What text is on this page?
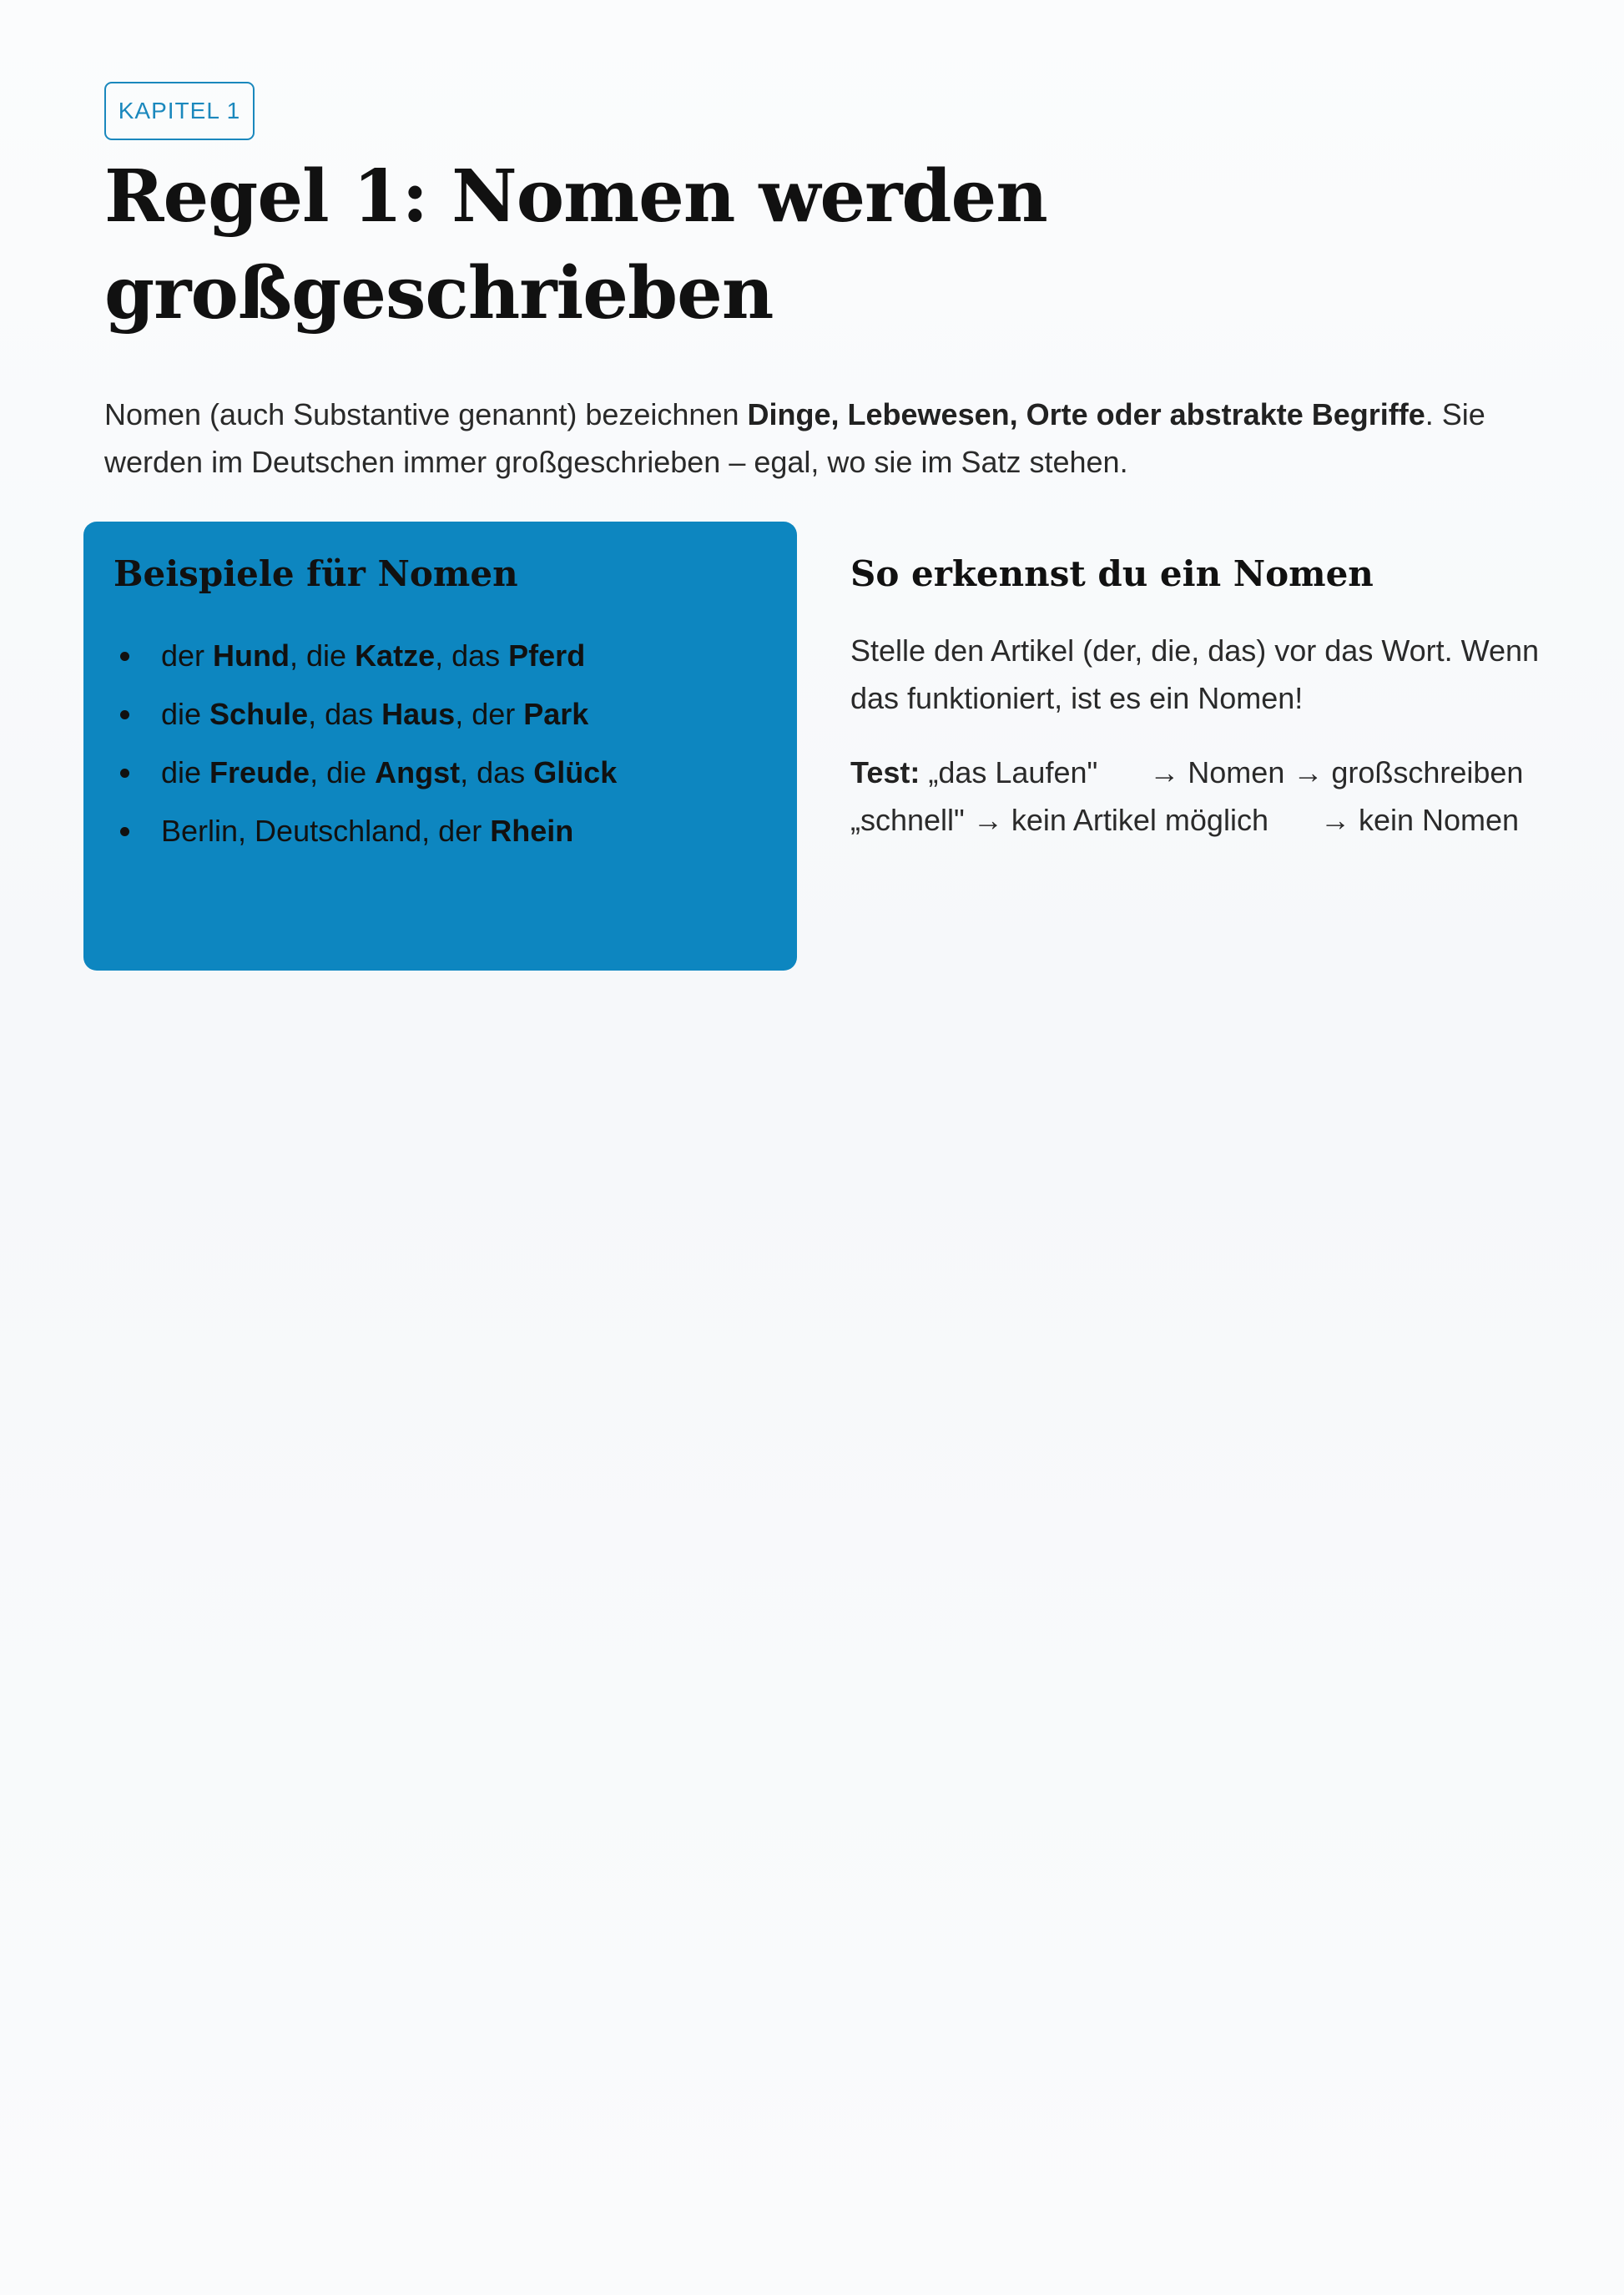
KAPITEL 1
Regel 1: Nomen werden
großgeschrieben

Nomen (auch Substantive genannt) bezeichnen Dinge, Lebewesen, Orte oder abstrakte Begriffe. Sie werden im Deutschen immer großgeschrieben – egal, wo sie im Satz stehen.

Beispiele für Nomen
der Hund, die Katze, das Pferd
die Schule, das Haus, der Park
die Freude, die Angst, das Glück
Berlin, Deutschland, der Rhein
So erkennst du ein Nomen

Stelle den Artikel (der, die, das) vor das Wort. Wenn das funktioniert, ist es ein Nomen!

Test: „das Laufen" → Nomen → großschreiben
„schnell" → kein Artikel möglich → kein Nomen
